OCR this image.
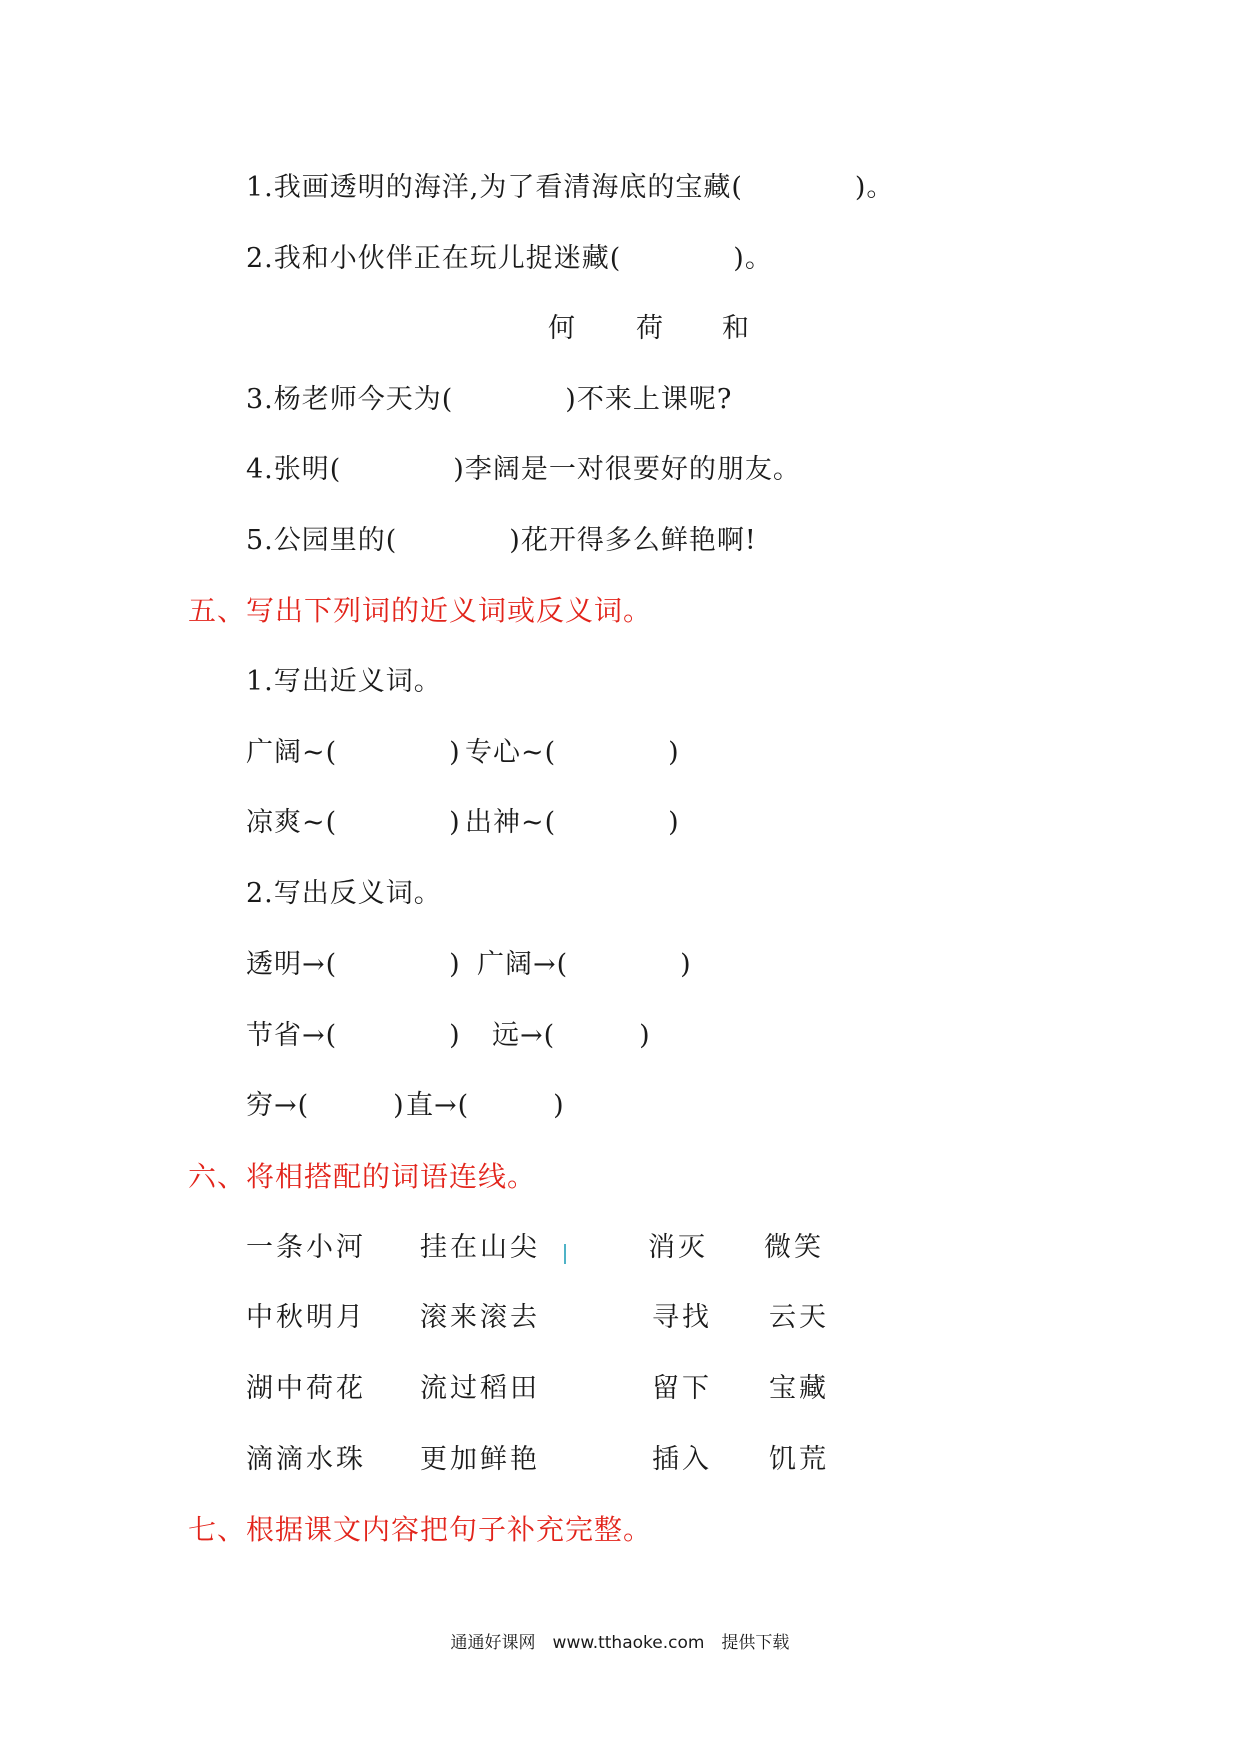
1.我画透明的海洋,为了看清海底的宝藏(　　　　)。
2.我和小伙伴正在玩儿捉迷藏(　　　　)。
何 荷 和
3.杨老师今天为(　　　　)不来上课呢?
4.张明(　　　　)李阔是一对很要好的朋友。
5.公园里的(　　　　)花开得多么鲜艳啊!
五、写出下列词的近义词或反义词。
1.写出近义词。
广阔~(　　　　) 专心~(　　　　)
凉爽~(　　　　) 出神~(　　　　)
2.写出反义词。
透明→(　　　　) 广阔→(　　　　)
节省→(　　　　) 远→(　　　)
穷→(　　　) 直→(　　　)
六、将相搭配的词语连线。
一条小河
中秋明月
湖中荷花
滴滴水珠
挂在山尖
滚来滚去
流过稻田
更加鲜艳
消灭
寻找
留下
插入
微笑
云天
宝藏
饥荒
七、根据课文内容把句子补充完整。
通通好课网　www.tthaoke.com　提供下载
